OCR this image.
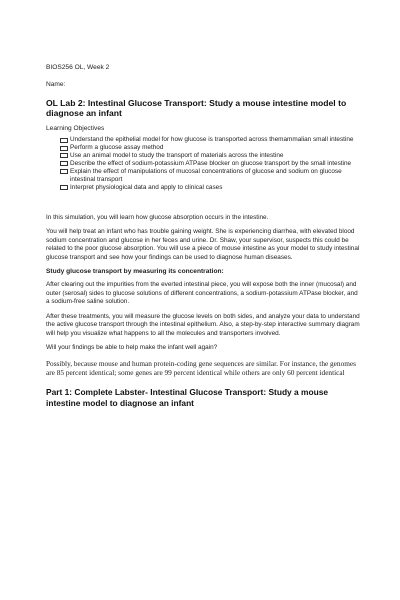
BIOS256 OL, Week 2
Name:
OL Lab 2: Intestinal Glucose Transport: Study a mouse intestine model to diagnose an infant
Learning Objectives
Understand the epithelial model for how glucose is transported across themammalian small intestine
Perform a glucose assay method
Use an animal model to study the transport of materials across the intestine
Describe the effect of sodium-potassium ATPase blocker on glucose transport by the small intestine
Explain the effect of manipulations of mucosal concentrations of glucose and sodium on glucose intestinal transport
Interpret physiological data and apply to clinical cases

In this simulation, you will learn how glucose absorption occurs in the intestine.

You will help treat an infant who has trouble gaining weight. She is experiencing diarrhea, with elevated blood sodium concentration and glucose in her feces and urine. Dr. Shaw, your supervisor, suspects this could be related to the poor glucose absorption. You will use a piece of mouse intestine as your model to study intestinal glucose transport and see how your findings can be used to diagnose human diseases.

Study glucose transport by measuring its concentration:

After clearing out the impurities from the everted intestinal piece, you will expose both the inner (mucosal) and outer (serosal) sides to glucose solutions of different concentrations, a sodium-potassium ATPase blocker, and a sodium-free saline solution.

After these treatments, you will measure the glucose levels on both sides, and analyze your data to understand the active glucose transport through the intestinal epithelium. Also, a step-by-step interactive summary diagram will help you visualize what happens to all the molecules and transporters involved.

Will your findings be able to help make the infant well again?

Possibly, because mouse and human protein-coding gene sequences are similar. For instance, the genomes are 85 percent identical; some genes are 99 percent identical while others are only 60 percent identical

Part 1: Complete Labster- Intestinal Glucose Transport: Study a mouse intestine model to diagnose an infant
